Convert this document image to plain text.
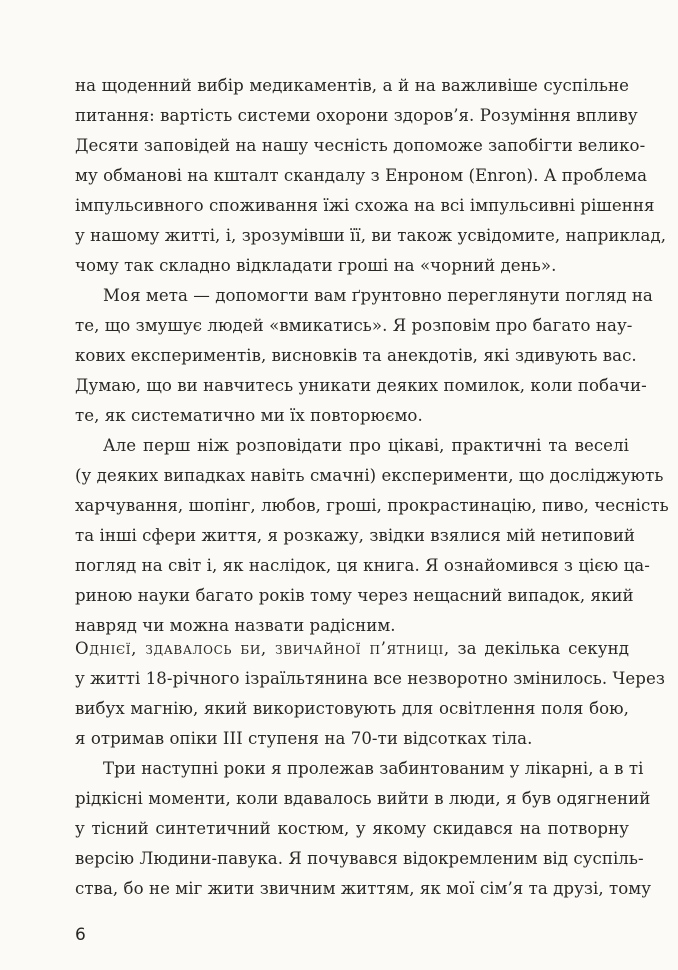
на щоденний вибір медикаментів, а й на важливіше суспільне
питання: вартість системи охорони здоров’я. Розуміння впливу
Десяти заповідей на нашу чесність допоможе запобігти велико-
му обманові на кшталт скандалу з Енроном (Enron). А проблема
імпульсивного споживання їжі схожа на всі імпульсивні рішення
у нашому житті, і, зрозумівши її, ви також усвідомите, наприклад,
чому так складно відкладати гроші на «чорний день».
Моя мета — допомогти вам ґрунтовно переглянути погляд на
те, що змушує людей «вмикатись». Я розповім про багато нау-
кових експериментів, висновків та анекдотів, які здивують вас.
Думаю, що ви навчитесь уникати деяких помилок, коли побачи-
те, як систематично ми їх повторюємо.
Але перш ніж розповідати про цікаві, практичні та веселі
(у деяких випадках навіть смачні) експерименти, що досліджують
харчування, шопінг, любов, гроші, прокрастинацію, пиво, чесність
та інші сфери життя, я розкажу, звідки взялися мій нетиповий
погляд на світ і, як наслідок, ця книга. Я ознайомився з цією ца-
риною науки багато років тому через нещасний випадок, який
навряд чи можна назвати радісним.
Однієї, здавалось би, звичайної п’ятниці, за декілька секунд
у житті 18-річного ізраїльтянина все незворотно змінилось. Через
вибух магнію, який використовують для освітлення поля бою,
я отримав опіки III ступеня на 70-ти відсотках тіла.
Три наступні роки я пролежав забинтованим у лікарні, а в ті
рідкісні моменти, коли вдавалось вийти в люди, я був одягнений
у тісний синтетичний костюм, у якому скидався на потворну
версію Людини-павука. Я почувався відокремленим від суспіль-
ства, бо не міг жити звичним життям, як мої сім’я та друзі, тому
6
